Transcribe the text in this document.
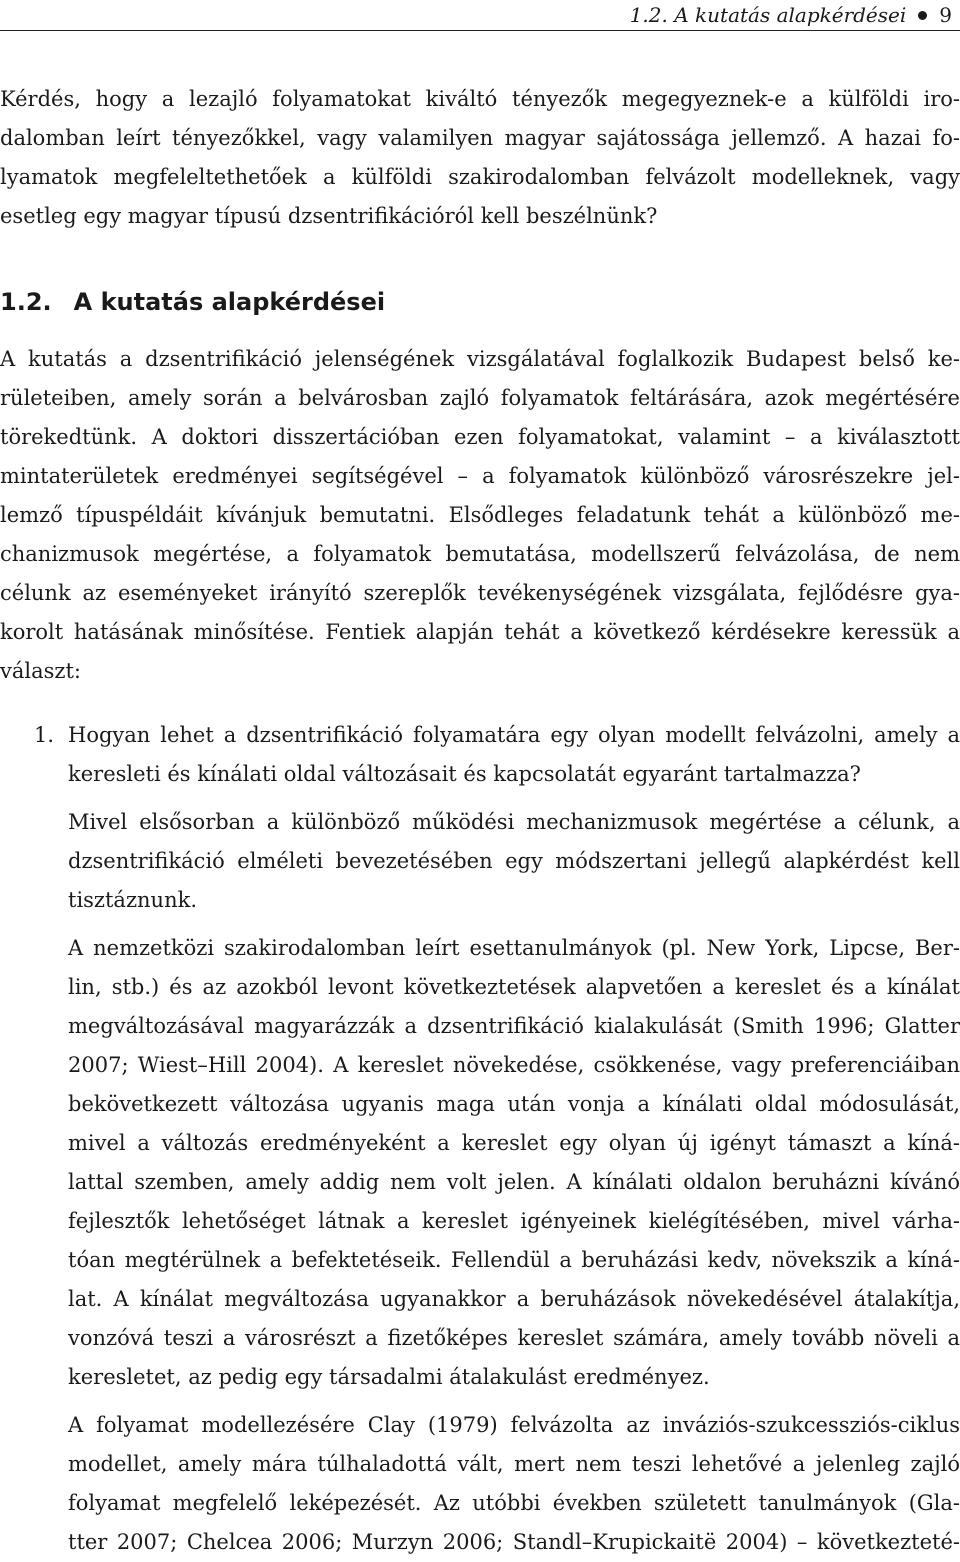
1.2. A kutatás alapkérdései 9

Kérdés, hogy a lezajló folyamatokat kiváltó tényezők megegyeznek-e a külföldi iro-

dalomban leírt tényezőkkel, vagy valamilyen magyar sajátossága jellemző. A hazai fo-

lyamatok megfeleltethetőek a külföldi szakirodalomban felvázolt modelleknek, vagy

esetleg egy magyar típusú dzsentrifikációról kell beszélnünk?

1.2. A kutatás alapkérdései

A kutatás a dzsentrifikáció jelenségének vizsgálatával foglalkozik Budapest belső ke-

rületeiben, amely során a belvárosban zajló folyamatok feltárására, azok megértésére

törekedtünk. A doktori disszertációban ezen folyamatokat, valamint – a kiválasztott

mintaterületek eredményei segítségével – a folyamatok különböző városrészekre jel-

lemző típuspéldáit kívánjuk bemutatni. Elsődleges feladatunk tehát a különböző me-

chanizmusok megértése, a folyamatok bemutatása, modellszerű felvázolása, de nem

célunk az eseményeket irányító szereplők tevékenységének vizsgálata, fejlődésre gya-

korolt hatásának minősítése. Fentiek alapján tehát a következő kérdésekre keressük a

választ:

1. Hogyan lehet a dzsentrifikáció folyamatára egy olyan modellt felvázolni, amely a

keresleti és kínálati oldal változásait és kapcsolatát egyaránt tartalmazza?

Mivel elsősorban a különböző működési mechanizmusok megértése a célunk, a

dzsentrifikáció elméleti bevezetésében egy módszertani jellegű alapkérdést kell

tisztáznunk.

A nemzetközi szakirodalomban leírt esettanulmányok (pl. New York, Lipcse, Ber-

lin, stb.) és az azokból levont következtetések alapvetően a kereslet és a kínálat

megváltozásával magyarázzák a dzsentrifikáció kialakulását (Smith 1996; Glatter

2007; Wiest–Hill 2004). A kereslet növekedése, csökkenése, vagy preferenciáiban

bekövetkezett változása ugyanis maga után vonja a kínálati oldal módosulását,

mivel a változás eredményeként a kereslet egy olyan új igényt támaszt a kíná-

lattal szemben, amely addig nem volt jelen. A kínálati oldalon beruházni kívánó

fejlesztők lehetőséget látnak a kereslet igényeinek kielégítésében, mivel várha-

tóan megtérülnek a befektetéseik. Fellendül a beruházási kedv, növekszik a kíná-

lat. A kínálat megváltozása ugyanakkor a beruházások növekedésével átalakítja,

vonzóvá teszi a városrészt a fizetőképes kereslet számára, amely tovább növeli a

keresletet, az pedig egy társadalmi átalakulást eredményez.

A folyamat modellezésére Clay (1979) felvázolta az inváziós-szukcessziós-ciklus

modellet, amely mára túlhaladottá vált, mert nem teszi lehetővé a jelenleg zajló

folyamat megfelelő leképezését. Az utóbbi években született tanulmányok (Gla-

tter 2007; Chelcea 2006; Murzyn 2006; Standl–Krupickaitë 2004) – következteté-
